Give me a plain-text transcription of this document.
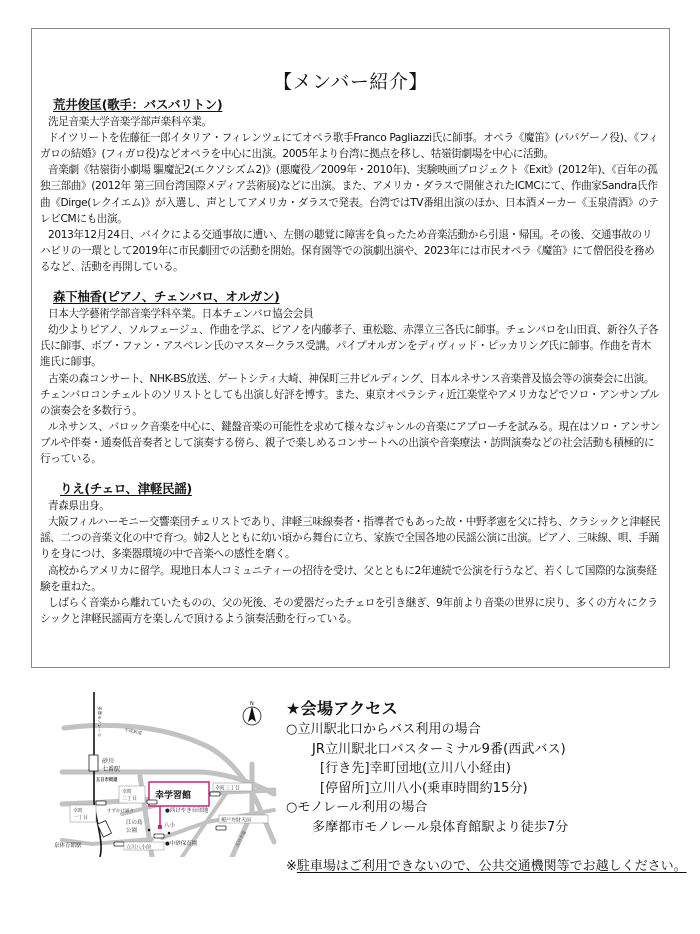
【メンバー紹介】
荒井俊匡(歌手：バスバリトン)
洗足音楽大学音楽学部声楽科卒業。
ドイツリートを佐藤征一郎イタリア・フィレンツェにてオペラ歌手Franco Pagliazzi氏に師事。オペラ《魔笛》(パパゲーノ役)、《フィガロの結婚》(フィガロ役)などオペラを中心に出演。2005年より台湾に拠点を移し、牯嶺街劇場を中心に活動。
音楽劇《牯嶺街小劇場 驅魔記2(エクソシズム2)》(悪魔役／2009年・2010年)、実験映画プロジェクト《Exit》(2012年)、《百年の孤独三部曲》(2012年 第三回台湾国際メディア芸術展)などに出演。また、アメリカ・ダラスで開催されたICMCにて、作曲家Sandra氏作曲《Dirge(レクイエム)》が入選し、声としてアメリカ・ダラスで発表。台湾ではTV番組出演のほか、日本酒メーカー《玉泉清酒》のテレビCMにも出演。
2013年12月24日、バイクによる交通事故に遭い、左側の聴覚に障害を負ったため音楽活動から引退・帰国。その後、交通事故のリハビリの一環として2019年に市民劇団での活動を開始。保育園等での演劇出演や、2023年には市民オペラ《魔笛》にて僧侶役を務めるなど、活動を再開している。
森下柚香(ピアノ、チェンバロ、オルガン)
日本大学藝術学部音楽学科卒業。日本チェンバロ協会会員
幼少よりピアノ、ソルフェージュ、作曲を学ぶ、ピアノを内藤孝子、重松聡、赤澤立三各氏に師事。チェンバロを山田貢、新谷久子各氏に師事、ボブ・ファン・アスペレン氏のマスタークラス受講。パイプオルガンをディヴィッド・ピッカリング氏に師事。作曲を青木進氏に師事。
古楽の森コンサート、NHK-BS放送、ゲートシティ大崎、神保町三井ビルディング、日本ルネサンス音楽普及協会等の演奏会に出演。チェンバロコンチェルトのソリストとしても出演し好評を博す。また、東京オペラシティ近江楽堂やアメリカなどでソロ・アンサンブルの演奏会を多数行う。
ルネサンス、バロック音楽を中心に、鍵盤音楽の可能性を求めて様々なジャンルの音楽にアプローチを試みる。現在はソロ・アンサンブルや伴奏・通奏低音奏者として演奏する傍ら、親子で楽しめるコンサートへの出演や音楽療法・訪問演奏などの社会活動も積極的に行っている。
りえ(チェロ、津軽民謡)
青森県出身。
大阪フィルハーモニー交響楽団チェリストであり、津軽三味線奏者・指導者でもあった故・中野孝憲を父に持ち、クラシックと津軽民謡、二つの音楽文化の中で育つ。姉2人とともに幼い頃から舞台に立ち、家族で全国各地の民謡公演に出演。ピアノ、三味線、唄、手踊りを身につけ、多楽器環境の中で音楽への感性を磨く。
高校からアメリカに留学。現地日本人コミュニティーの招待を受け、父とともに2年連続で公演を行うなど、若くして国際的な演奏経験を重ねた。
しばらく音楽から離れていたものの、父の死後、その愛器だったチェロを引き継ぎ、9年前より音楽の世界に戻り、多くの方々にクラシックと津軽民謡両方を楽しんで頂けるよう演奏活動を行っている。
N
多摩モノレール	平成新道
五日市街道
すずかけ通り
五日市道
砂川
七番駅
泉体育館駅
幸学習館
幸町
一丁目
幸町
二丁目
幸町三丁目
榎戸弁財天前
立川八小前
●西けやき台団地
八小
江の島
公園
●中砂保育園
★会場アクセス
○立川駅北口からバス利用の場合
JR立川駅北口バスターミナル9番(西武バス)
[行き先]幸町団地(立川八小経由)
[停留所]立川八小(乗車時間約15分)
○モノレール利用の場合
多摩都市モノレール泉体育館駅より徒歩7分
※駐車場はご利用できないので、公共交通機関等でお越しください。
